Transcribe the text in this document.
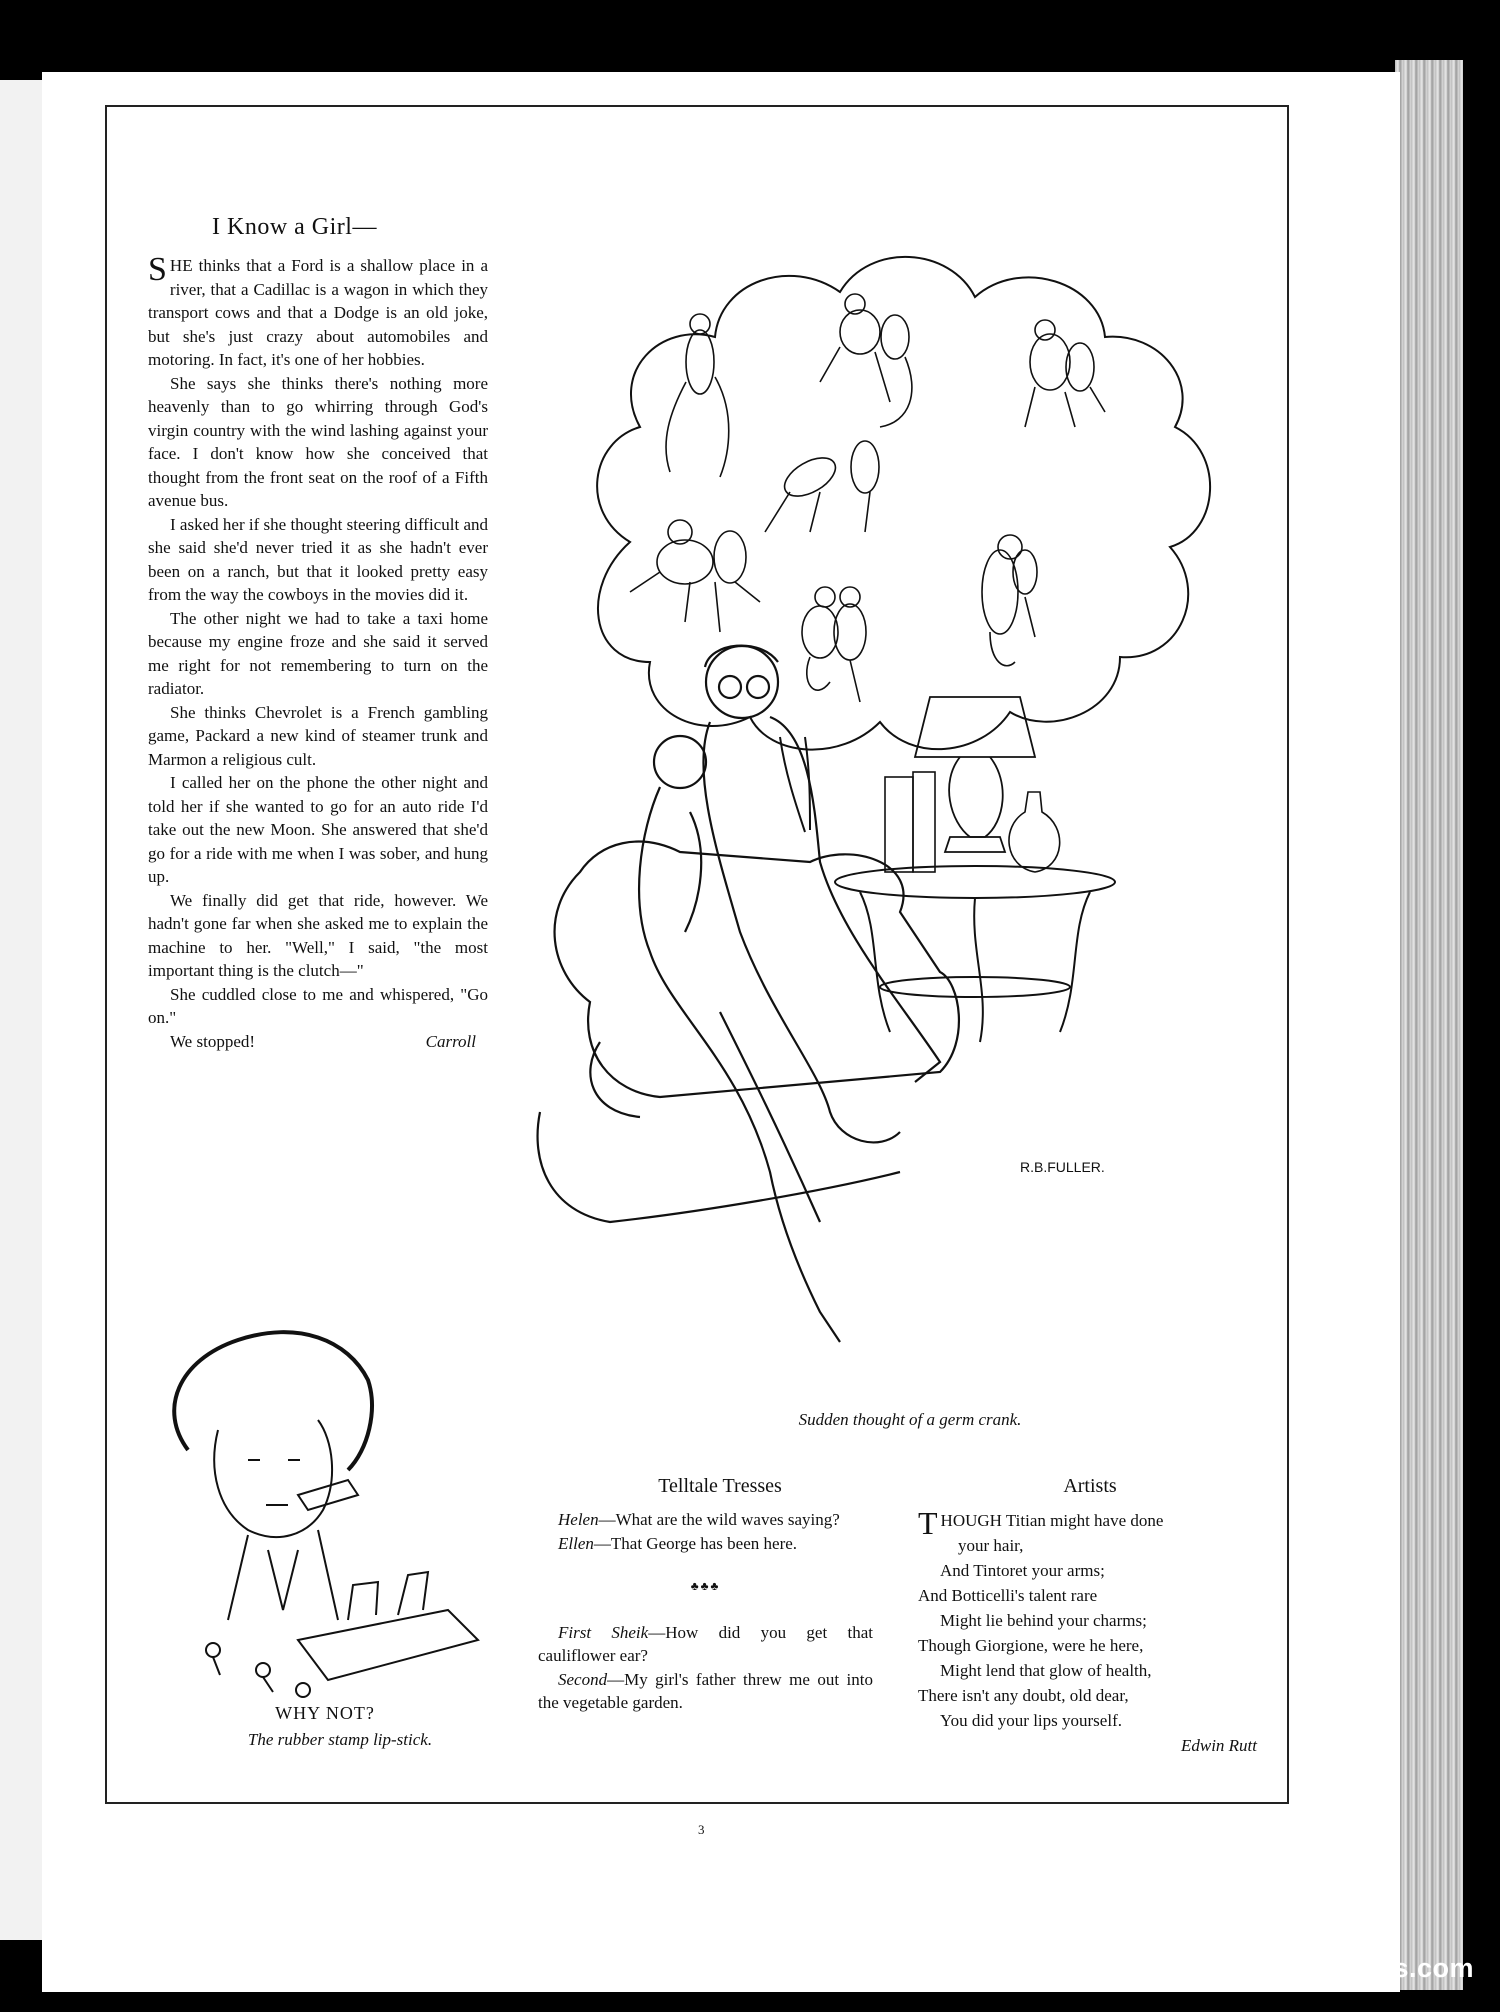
I Know a Girl—

SHE thinks that a Ford is a shallow place in a river, that a Cadillac is a wagon in which they transport cows and that a Dodge is an old joke, but she's just crazy about automobiles and motoring. In fact, it's one of her hobbies.

She says she thinks there's nothing more heavenly than to go whirring through God's virgin country with the wind lashing against your face. I don't know how she conceived that thought from the front seat on the roof of a Fifth avenue bus.

I asked her if she thought steering difficult and she said she'd never tried it as she hadn't ever been on a ranch, but that it looked pretty easy from the way the cowboys in the movies did it.

The other night we had to take a taxi home because my engine froze and she said it served me right for not remembering to turn on the radiator.

She thinks Chevrolet is a French gambling game, Packard a new kind of steamer trunk and Marmon a religious cult.

I called her on the phone the other night and told her if she wanted to go for an auto ride I'd take out the new Moon. She answered that she'd go for a ride with me when I was sober, and hung up.

We finally did get that ride, however. We hadn't gone far when she asked me to explain the machine to her. "Well," I said, "the most important thing is the clutch—"

She cuddled close to me and whispered, "Go on."

We stopped!	Carroll
R.B.FULLER.
Sudden thought of a germ crank.
WHY NOT?
The rubber stamp lip-stick.
Telltale Tresses

Helen—What are the wild waves saying?

Ellen—That George has been here.

♣♣♣

First Sheik—How did you get that cauliflower ear?

Second—My girl's father threw me out into the vegetable garden.

Artists

THOUGH Titian might have done

your hair,

And Tintoret your arms;

And Botticelli's talent rare

Might lie behind your charms;

Though Giorgione, were he here,

Might lend that glow of health,

There isn't any doubt, old dear,

You did your lips yourself.

Edwin Rutt

3
comicbooks.com
